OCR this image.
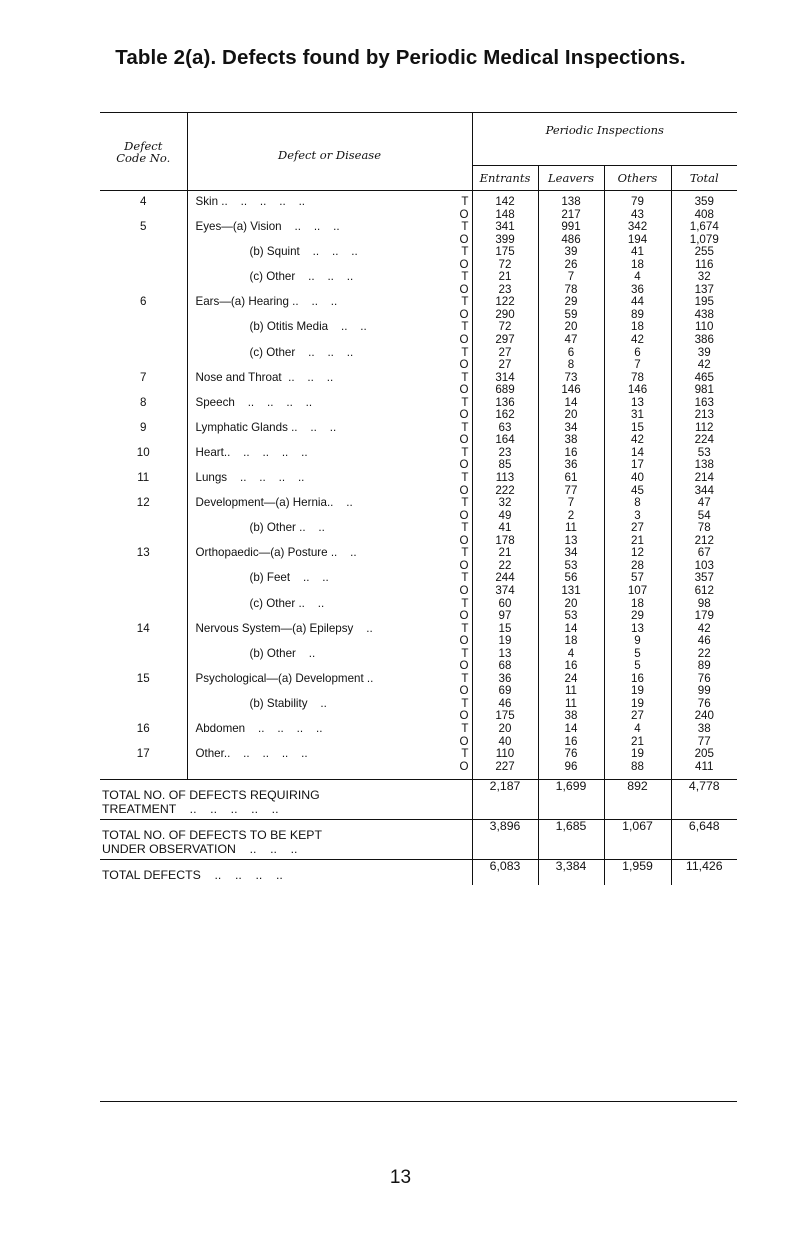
Table 2(a). Defects found by Periodic Medical Inspections.

Defect
Code No.	Defect or Disease	Periodic Inspections			
		Entrants	Leavers	Others	Total
4	Skin ..    ..    ..    ..    .. T	142	138	79	359

	O	148	217	43	408
5	Eyes—(a) Vision    ..    ..    .. T	341	991	342	1,674

	O	399	486	194	1,079

	(b) Squint    ..    ..    .. T	175	39	41	255

	O	72	26	18	116

	(c) Other    ..    ..    .. T	21	7	4	32

	O	23	78	36	137
6	Ears—(a) Hearing ..    ..    .. T	122	29	44	195

	O	290	59	89	438

	(b) Otitis Media    ..    .. T	72	20	18	110

	O	297	47	42	386

	(c) Other    ..    ..    .. T	27	6	6	39

	O	27	8	7	42
7	Nose and Throat  ..    ..    .. T	314	73	78	465

	O	689	146	146	981
8	Speech    ..    ..    ..    .. T	136	14	13	163

	O	162	20	31	213
9	Lymphatic Glands ..    ..    .. T	63	34	15	112

	O	164	38	42	224
10	Heart..    ..    ..    ..    .. T	23	16	14	53

	O	85	36	17	138
11	Lungs    ..    ..    ..    .. T	113	61	40	214

	O	222	77	45	344
12	Development—(a) Hernia..    .. T	32	7	8	47

	O	49	2	3	54

	(b) Other ..    .. T	41	11	27	78

	O	178	13	21	212
13	Orthopaedic—(a) Posture ..    .. T	21	34	12	67

	O	22	53	28	103

	(b) Feet    ..    .. T	244	56	57	357

	O	374	131	107	612

	(c) Other ..    .. T	60	20	18	98

	O	97	53	29	179
14	Nervous System—(a) Epilepsy    .. T	15	14	13	42

	O	19	18	9	46

	(b) Other    .. T	13	4	5	22

	O	68	16	5	89
15	Psychological—(a) Development .. T	36	24	16	76

	O	69	11	19	99

	(b) Stability    .. T	46	11	19	76

	O	175	38	27	240
16	Abdomen    ..    ..    ..    .. T	20	14	4	38

	O	40	16	21	77
17	Other..    ..    ..    ..    .. T	110	76	19	205

	O	227	96	88	411
TOTAL NO. OF DEFECTS REQUIRING
TREATMENT    ..    ..    ..    ..    ..		2,187	1,699	892	4,778
TOTAL NO. OF DEFECTS TO BE KEPT
UNDER OBSERVATION    ..    ..    ..		3,896	1,685	1,067	6,648
TOTAL DEFECTS    ..    ..    ..    ..		6,083	3,384	1,959	11,426
13
